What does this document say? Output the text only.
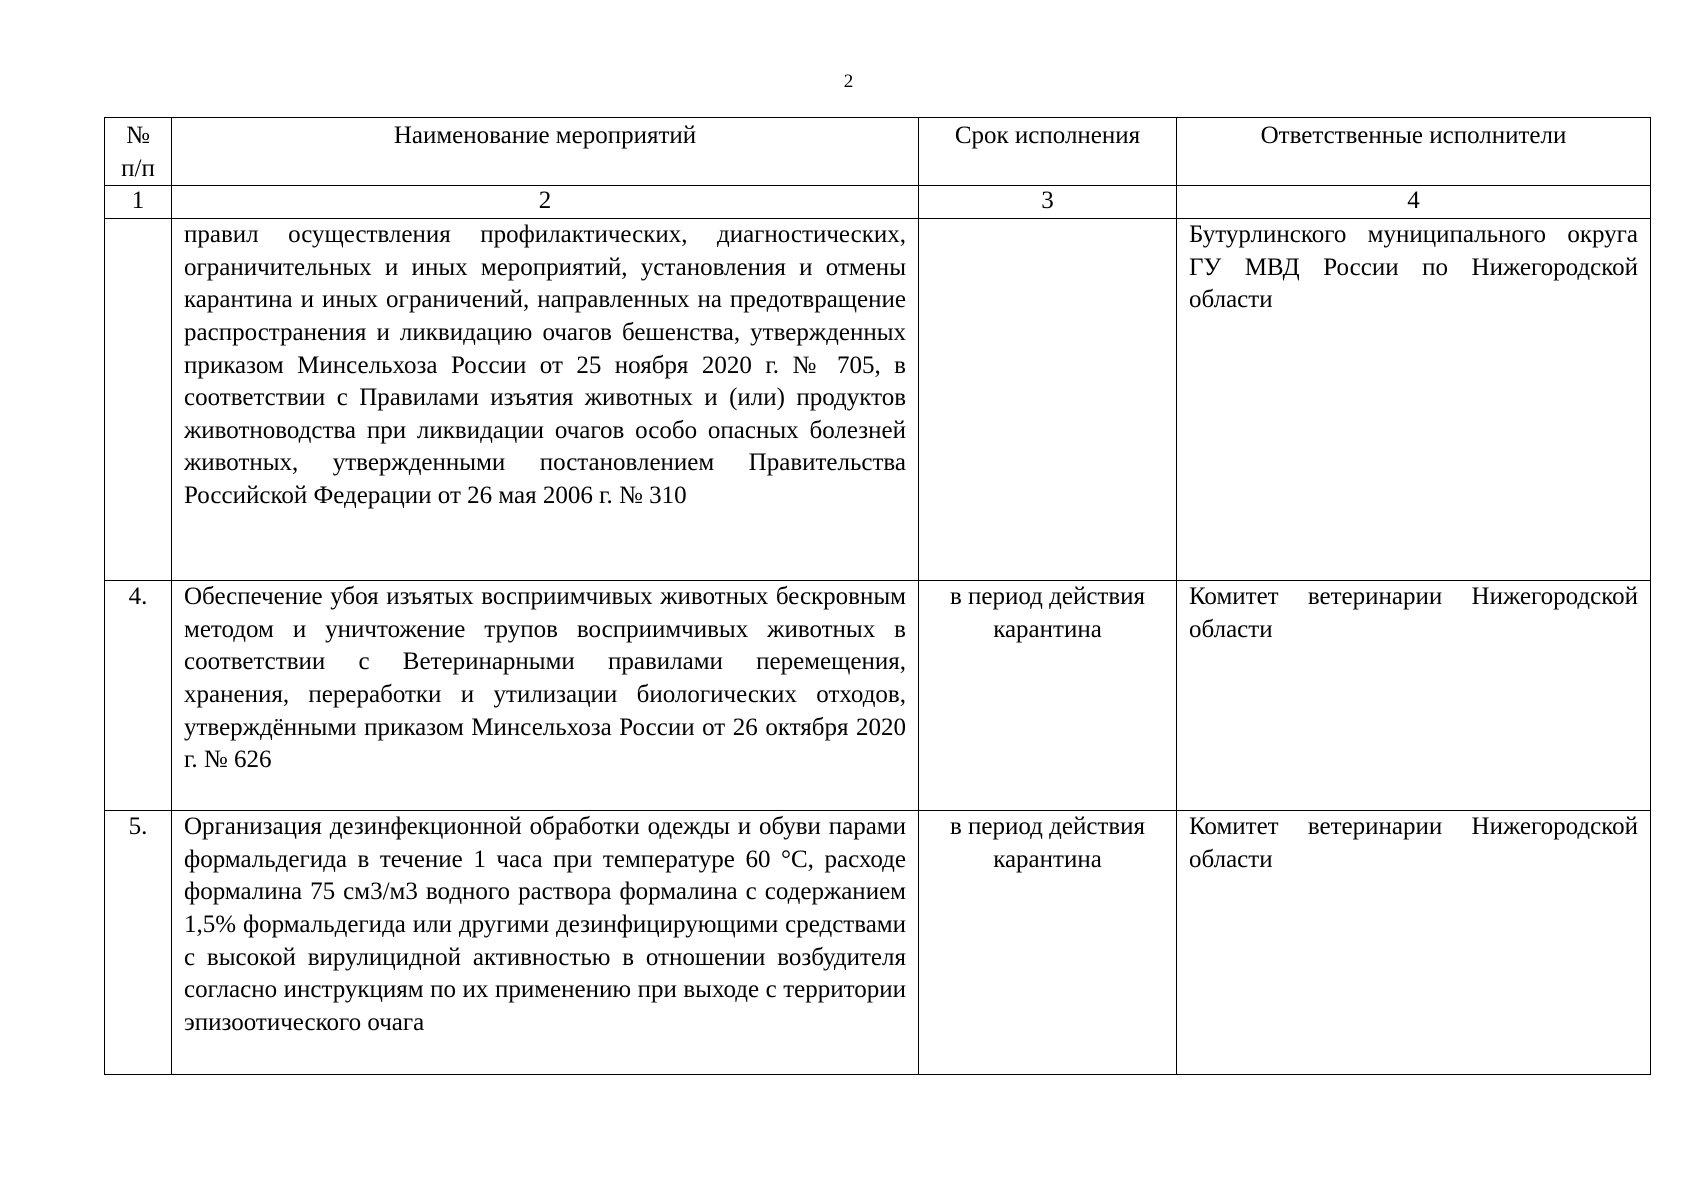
2
№ п/п	Наименование мероприятий	Срок исполнения	Ответственные исполнители
1	2	3	4
	правил осуществления профилактических, диагностических, ограничительных и иных мероприятий, установления и отмены карантина и иных ограничений, направленных на предотвращение распространения и ликвидацию очагов бешенства, утвержденных приказом Минсельхоза России от 25 ноября 2020 г. № 705, в соответствии с Правилами изъятия животных и (или) продуктов животноводства при ликвидации очагов особо опасных болезней животных, утвержденными постановлением Правительства Российской Федерации от 26 мая 2006 г. № 310		Бутурлинского муниципального округа ГУ МВД России по Нижегородской области
4.	Обеспечение убоя изъятых восприимчивых животных бескровным методом и уничтожение трупов восприимчивых животных в соответствии с Ветеринарными правилами перемещения, хранения, переработки и утилизации биологических отходов, утверждёнными приказом Минсельхоза России от 26 октября 2020 г. № 626	в период действия карантина	Комитет ветеринарии Нижегородской области
5.	Организация дезинфекционной обработки одежды и обуви парами формальдегида в течение 1 часа при температуре 60 °С, расходе формалина 75 см3/м3 водного раствора формалина с содержанием 1,5% формальдегида или другими дезинфицирующими средствами с высокой вирулицидной активностью в отношении возбудителя согласно инструкциям по их применению при выходе с территории эпизоотического очага	в период действия карантина	Комитет ветеринарии Нижегородской области
